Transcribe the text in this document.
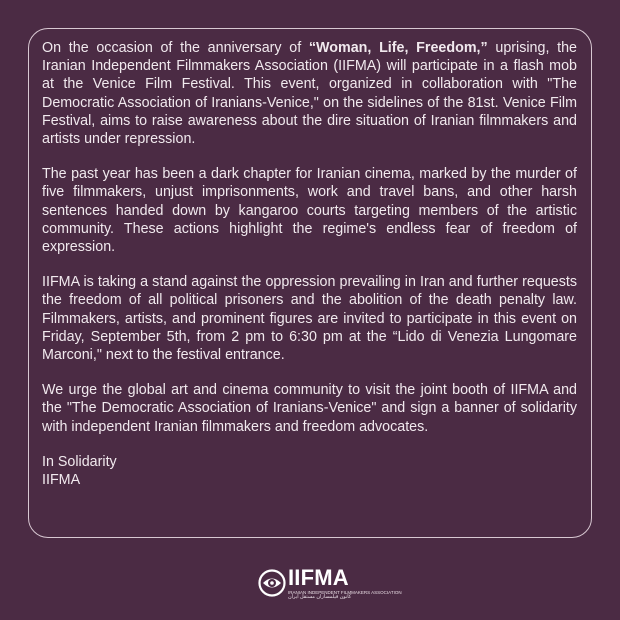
On the occasion of the anniversary of “Woman, Life, Freedom,” uprising, the Iranian Independent Filmmakers Association (IIFMA) will participate in a flash mob at the Venice Film Festival. This event, organized in collaboration with "The Democratic Association of Iranians-Venice," on the sidelines of the 81st. Venice Film Festival, aims to raise awareness about the dire situation of Iranian filmmakers and artists under repression.

The past year has been a dark chapter for Iranian cinema, marked by the murder of five filmmakers, unjust imprisonments, work and travel bans, and other harsh sentences handed down by kangaroo courts targeting members of the artistic community. These actions highlight the regime's endless fear of freedom of expression.

IIFMA is taking a stand against the oppression prevailing in Iran and further requests the freedom of all political prisoners and the abolition of the death penalty law. Filmmakers, artists, and prominent figures are invited to participate in this event on Friday, September 5th, from 2 pm to 6:30 pm at the “Lido di Venezia Lungomare Marconi," next to the festival entrance.

We urge the global art and cinema community to visit the joint booth of IIFMA and the "The Democratic Association of Iranians-Venice" and sign a banner of solidarity with independent Iranian filmmakers and freedom advocates.

In Solidarity

IIFMA

IIFMA
IRANIAN INDEPENDENT FILMMAKERS ASSOCIATION
کانون فیلمسازان مستقل ایران
